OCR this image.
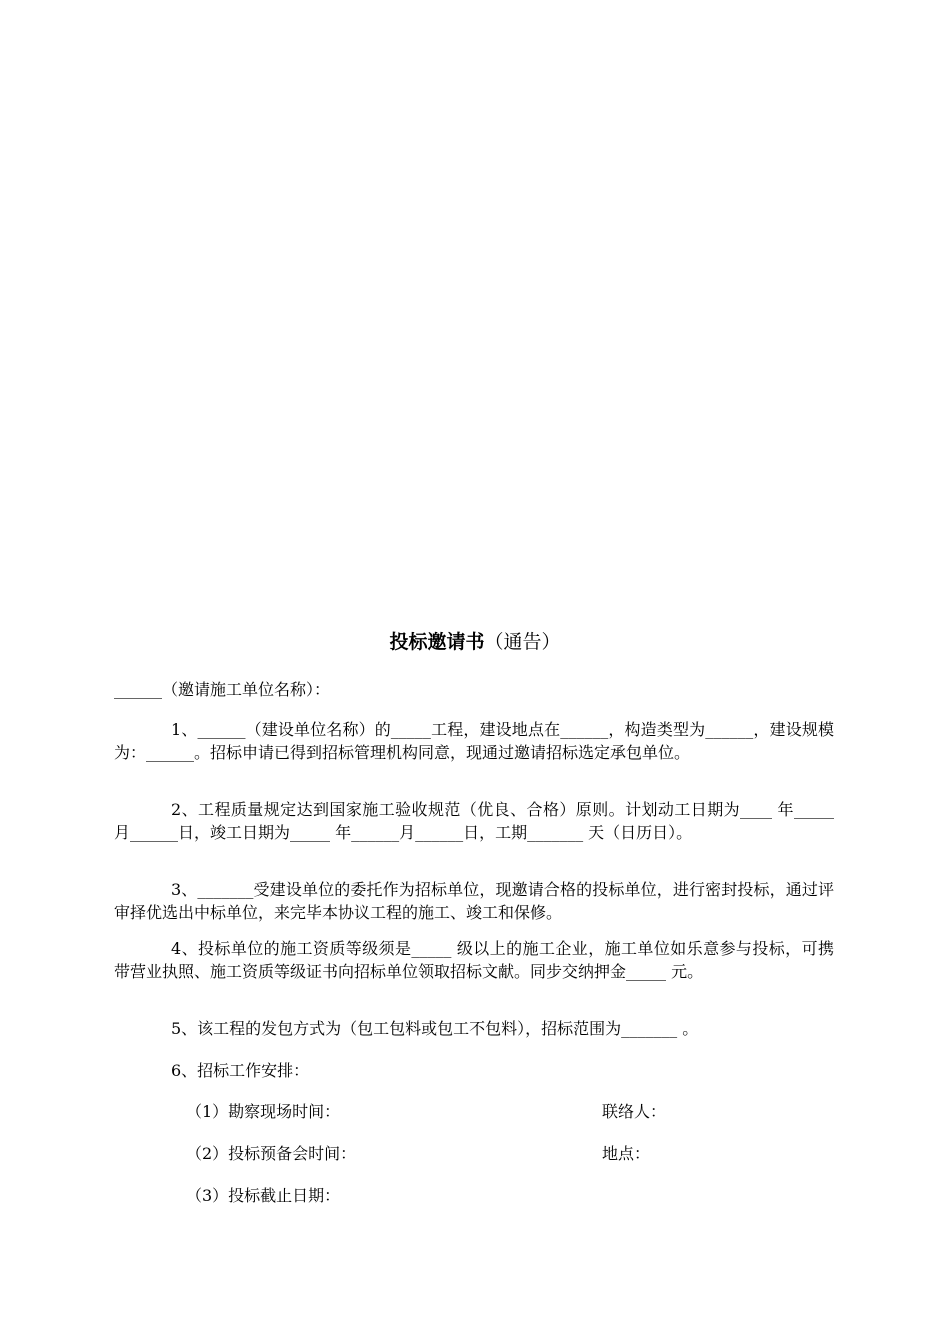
投标邀请书（通告）
______（邀请施工单位名称）：
1、______（建设单位名称）的_____工程，建设地点在______，构造类型为______，建设规模为：______。招标申请已得到招标管理机构同意，现通过邀请招标选定承包单位。
2、工程质量规定达到国家施工验收规范（优良、合格）原则。计划动工日期为____ 年_____月______日，竣工日期为_____ 年______月______日，工期_______ 天（日历日）。
3、_______受建设单位的委托作为招标单位，现邀请合格的投标单位，进行密封投标，通过评审择优选出中标单位，来完毕本协议工程的施工、竣工和保修。
4、投标单位的施工资质等级须是_____ 级以上的施工企业，施工单位如乐意参与投标，可携带营业执照、施工资质等级证书向招标单位领取招标文献。同步交纳押金_____ 元。
5、该工程的发包方式为（包工包料或包工不包料），招标范围为_______ 。
6、招标工作安排：
（1）勘察现场时间：	联络人：
（2）投标预备会时间：	地点：
（3）投标截止日期：
